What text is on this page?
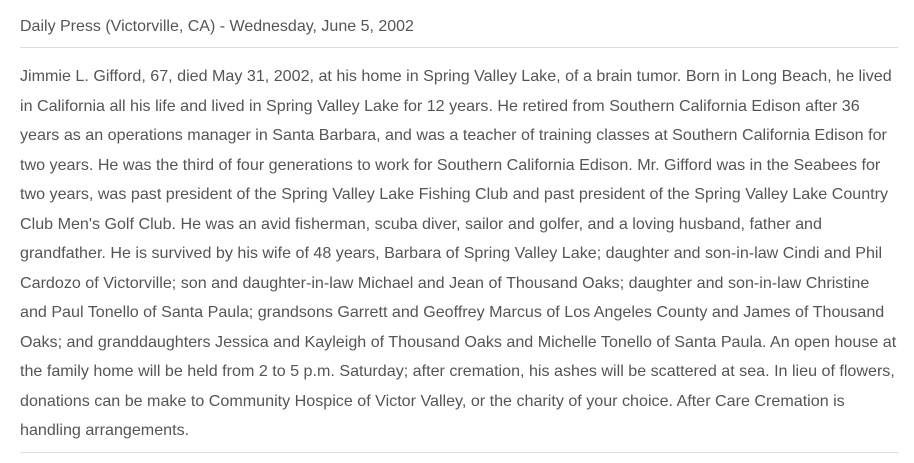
Daily Press (Victorville, CA) - Wednesday, June 5, 2002

Jimmie L. Gifford, 67, died May 31, 2002, at his home in Spring Valley Lake, of a brain tumor. Born in Long Beach, he lived in California all his life and lived in Spring Valley Lake for 12 years. He retired from Southern California Edison after 36 years as an operations manager in Santa Barbara, and was a teacher of training classes at Southern California Edison for two years. He was the third of four generations to work for Southern California Edison. Mr. Gifford was in the Seabees for two years, was past president of the Spring Valley Lake Fishing Club and past president of the Spring Valley Lake Country Club Men's Golf Club. He was an avid fisherman, scuba diver, sailor and golfer, and a loving husband, father and grandfather. He is survived by his wife of 48 years, Barbara of Spring Valley Lake; daughter and son-in-law Cindi and Phil Cardozo of Victorville; son and daughter-in-law Michael and Jean of Thousand Oaks; daughter and son-in-law Christine and Paul Tonello of Santa Paula; grandsons Garrett and Geoffrey Marcus of Los Angeles County and James of Thousand Oaks; and granddaughters Jessica and Kayleigh of Thousand Oaks and Michelle Tonello of Santa Paula. An open house at the family home will be held from 2 to 5 p.m. Saturday; after cremation, his ashes will be scattered at sea. In lieu of flowers, donations can be make to Community Hospice of Victor Valley, or the charity of your choice. After Care Cremation is handling arrangements.
